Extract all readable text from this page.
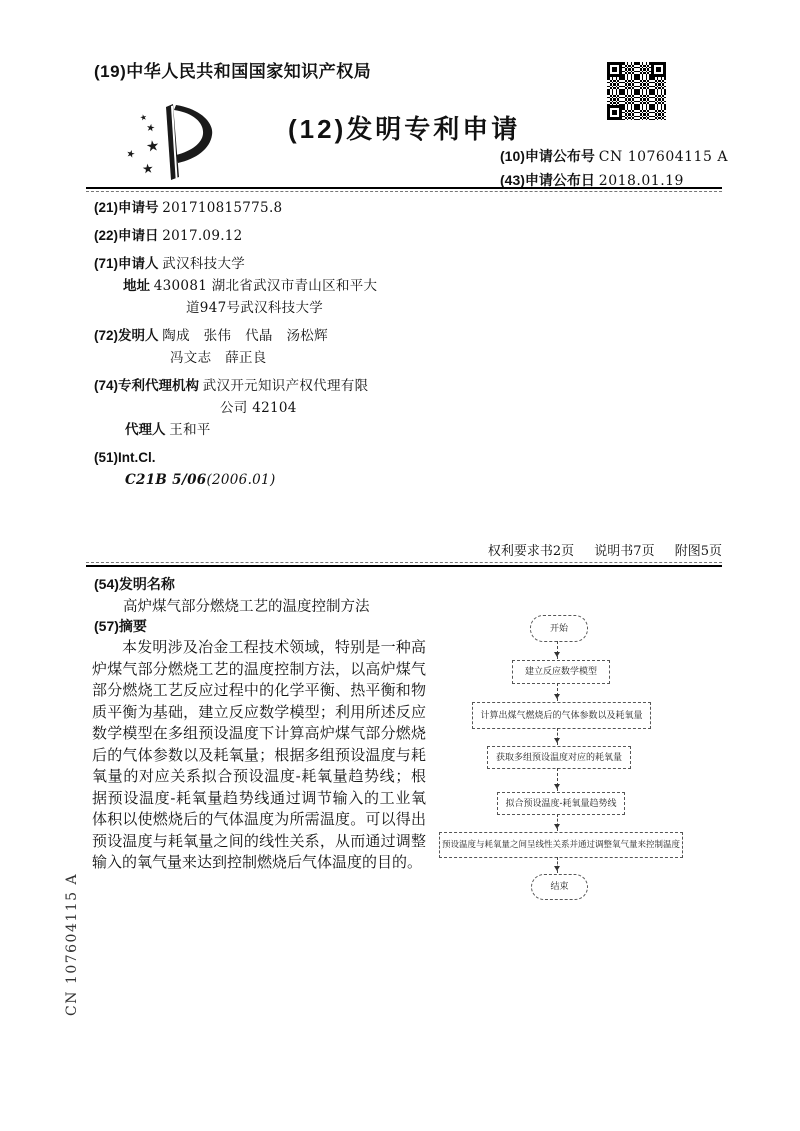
(19)中华人民共和国国家知识产权局
★
★
★
★
★
(12)发明专利申请
(10)申请公布号 CN 107604115 A
(43)申请公布日 2018.01.19
(21)申请号 201710815775.8
(22)申请日 2017.09.12
(71)申请人 武汉科技大学
地址 430081 湖北省武汉市青山区和平大
道947号武汉科技大学
(72)发明人 陶成　张伟　代晶　汤松辉
冯文志　薛正良
(74)专利代理机构 武汉开元知识产权代理有限
公司 42104
代理人 王和平
(51)Int.Cl.
C21B 5/06(2006.01)
权利要求书2页 说明书7页 附图5页
(54)发明名称
高炉煤气部分燃烧工艺的温度控制方法
(57)摘要
本发明涉及冶金工程技术领域，特别是一种高炉煤气部分燃烧工艺的温度控制方法，以高炉煤气部分燃烧工艺反应过程中的化学平衡、热平衡和物质平衡为基础，建立反应数学模型；利用所述反应数学模型在多组预设温度下计算高炉煤气部分燃烧后的气体参数以及耗氧量；根据多组预设温度与耗氧量的对应关系拟合预设温度-耗氧量趋势线；根据预设温度-耗氧量趋势线通过调节输入的工业氧体积以使燃烧后的气体温度为所需温度。可以得出预设温度与耗氧量之间的线性关系，从而通过调整输入的氧气量来达到控制燃烧后气体温度的目的。
开始
建立反应数学模型
计算出煤气燃烧后的气体参数以及耗氧量
获取多组预设温度对应的耗氧量
拟合预设温度-耗氧量趋势线
预设温度与耗氧量之间呈线性关系并通过调整氧气量来控制温度
结束
CN 107604115 A
